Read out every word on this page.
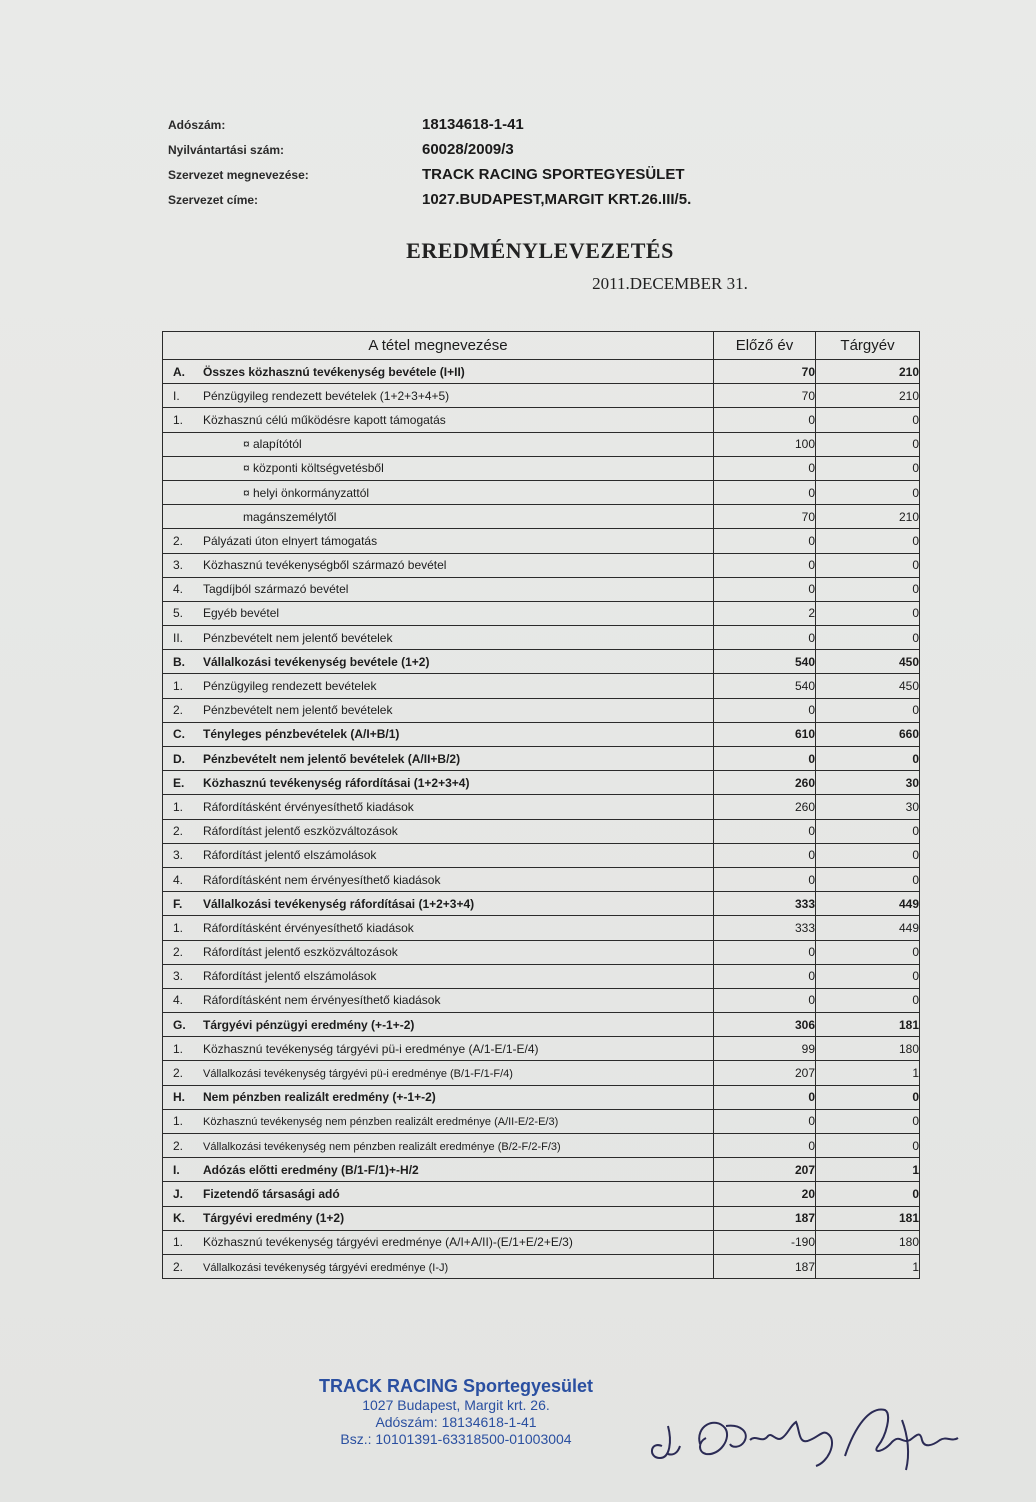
Adószám:	18134618-1-41
Nyilvántartási szám:	60028/2009/3
Szervezet megnevezése:	TRACK RACING SPORTEGYESÜLET
Szervezet címe:	1027.BUDAPEST,MARGIT KRT.26.III/5.
EREDMÉNYLEVEZETÉS
2011.DECEMBER 31.
A tétel megnevezése	Előző év	Tárgyév
A. Összes közhasznú tevékenység bevétele (I+II)	70	210
I. Pénzügyileg rendezett bevételek (1+2+3+4+5)	70	210
1. Közhasznú célú működésre kapott támogatás	0	0
¤ alapítótól	100	0
¤ központi költségvetésből	0	0
¤ helyi önkormányzattól	0	0
magánszemélytől	70	210
2. Pályázati úton elnyert támogatás	0	0
3. Közhasznú tevékenységből származó bevétel	0	0
4. Tagdíjból származó bevétel	0	0
5. Egyéb bevétel	2	0
II. Pénzbevételt nem jelentő bevételek	0	0
B. Vállalkozási tevékenység bevétele (1+2)	540	450
1. Pénzügyileg rendezett bevételek	540	450
2. Pénzbevételt nem jelentő bevételek	0	0
C. Tényleges pénzbevételek (A/I+B/1)	610	660
D. Pénzbevételt nem jelentő bevételek (A/II+B/2)	0	0
E. Közhasznú tevékenység ráfordításai (1+2+3+4)	260	30
1. Ráfordításként érvényesíthető kiadások	260	30
2. Ráfordítást jelentő eszközváltozások	0	0
3. Ráfordítást jelentő elszámolások	0	0
4. Ráfordításként nem érvényesíthető kiadások	0	0
F. Vállalkozási tevékenység ráfordításai (1+2+3+4)	333	449
1. Ráfordításként érvényesíthető kiadások	333	449
2. Ráfordítást jelentő eszközváltozások	0	0
3. Ráfordítást jelentő elszámolások	0	0
4. Ráfordításként nem érvényesíthető kiadások	0	0
G. Tárgyévi pénzügyi eredmény (+-1+-2)	306	181
1. Közhasznú tevékenység tárgyévi pü-i eredménye (A/1-E/1-E/4)	99	180
2. Vállalkozási tevékenység tárgyévi pü-i eredménye (B/1-F/1-F/4)	207	1
H. Nem pénzben realizált eredmény (+-1+-2)	0	0
1. Közhasznú tevékenység nem pénzben realizált eredménye (A/II-E/2-E/3)	0	0
2. Vállalkozási tevékenység nem pénzben realizált eredménye (B/2-F/2-F/3)	0	0
I. Adózás előtti eredmény (B/1-F/1)+-H/2	207	1
J. Fizetendő társasági adó	20	0
K. Tárgyévi eredmény (1+2)	187	181
1. Közhasznú tevékenység tárgyévi eredménye (A/I+A/II)-(E/1+E/2+E/3)	-190	180
2. Vállalkozási tevékenység tárgyévi eredménye (I-J)	187	1
TRACK RACING Sportegyesület
1027 Budapest, Margit krt. 26.
Adószám: 18134618-1-41
Bsz.: 10101391-63318500-01003004
